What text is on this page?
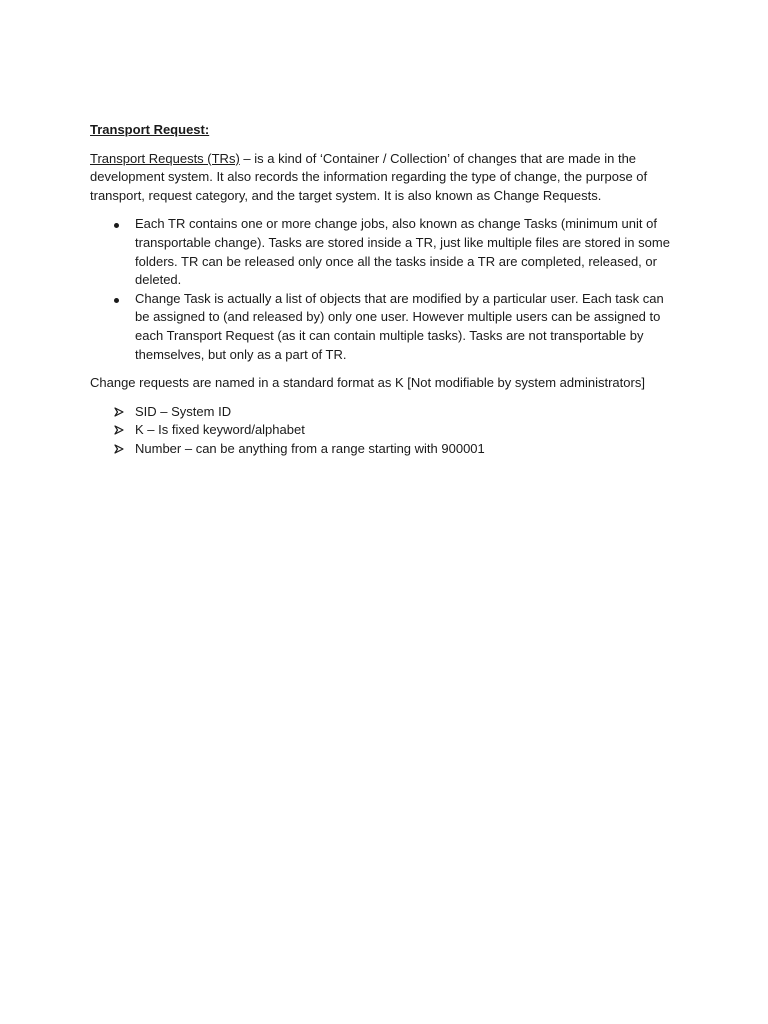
Transport Request:

Transport Requests (TRs) – is a kind of ‘Container / Collection’ of changes that are made in the development system. It also records the information regarding the type of change, the purpose of transport, request category, and the target system. It is also known as Change Requests.

Each TR contains one or more change jobs, also known as change Tasks (minimum unit of transportable change). Tasks are stored inside a TR, just like multiple files are stored in some folders. TR can be released only once all the tasks inside a TR are completed, released, or deleted.
Change Task is actually a list of objects that are modified by a particular user. Each task can be assigned to (and released by) only one user. However multiple users can be assigned to each Transport Request (as it can contain multiple tasks). Tasks are not transportable by themselves, but only as a part of TR.

Change requests are named in a standard format as K [Not modifiable by system administrators]

SID – System ID
K – Is fixed keyword/alphabet
Number – can be anything from a range starting with 900001
